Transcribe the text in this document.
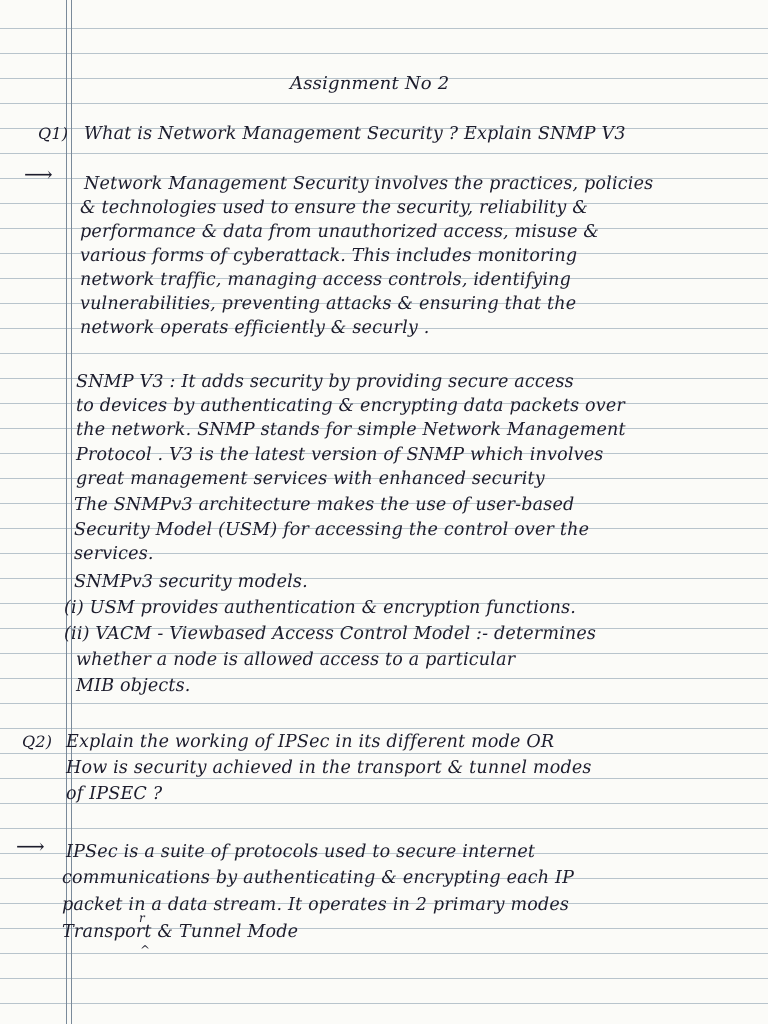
Assignment No 2
Q1) What is Network Management Security ? Explain SNMP V3
⟶ Network Management Security involves the practices, policies
& technologies used to ensure the security, reliability &
performance & data from unauthorized access, misuse &
various forms of cyberattack. This includes monitoring
network traffic, managing access controls, identifying
vulnerabilities, preventing attacks & ensuring that the
network operats efficiently & securly .
SNMP V3 : It adds security by providing secure access
to devices by authenticating & encrypting data packets over
the network. SNMP stands for simple Network Management
Protocol . V3 is the latest version of SNMP which involves
great management services with enhanced security
The SNMPv3 architecture makes the use of user-based
Security Model (USM) for accessing the control over the
services.
SNMPv3 security models.
(i) USM provides authentication & encryption functions.
(ii) VACM - Viewbased Access Control Model :- determines
whether a node is allowed access to a particular
MIB objects.
Q2) Explain the working of IPSec in its different mode OR
How is security achieved in the transport & tunnel modes
of IPSEC ?
⟶ IPSec is a suite of protocols used to secure internet
communications by authenticating & encrypting each IP
packet in a data stream. It operates in 2 primary modes
Transport & Tunnel Mode
r
^
